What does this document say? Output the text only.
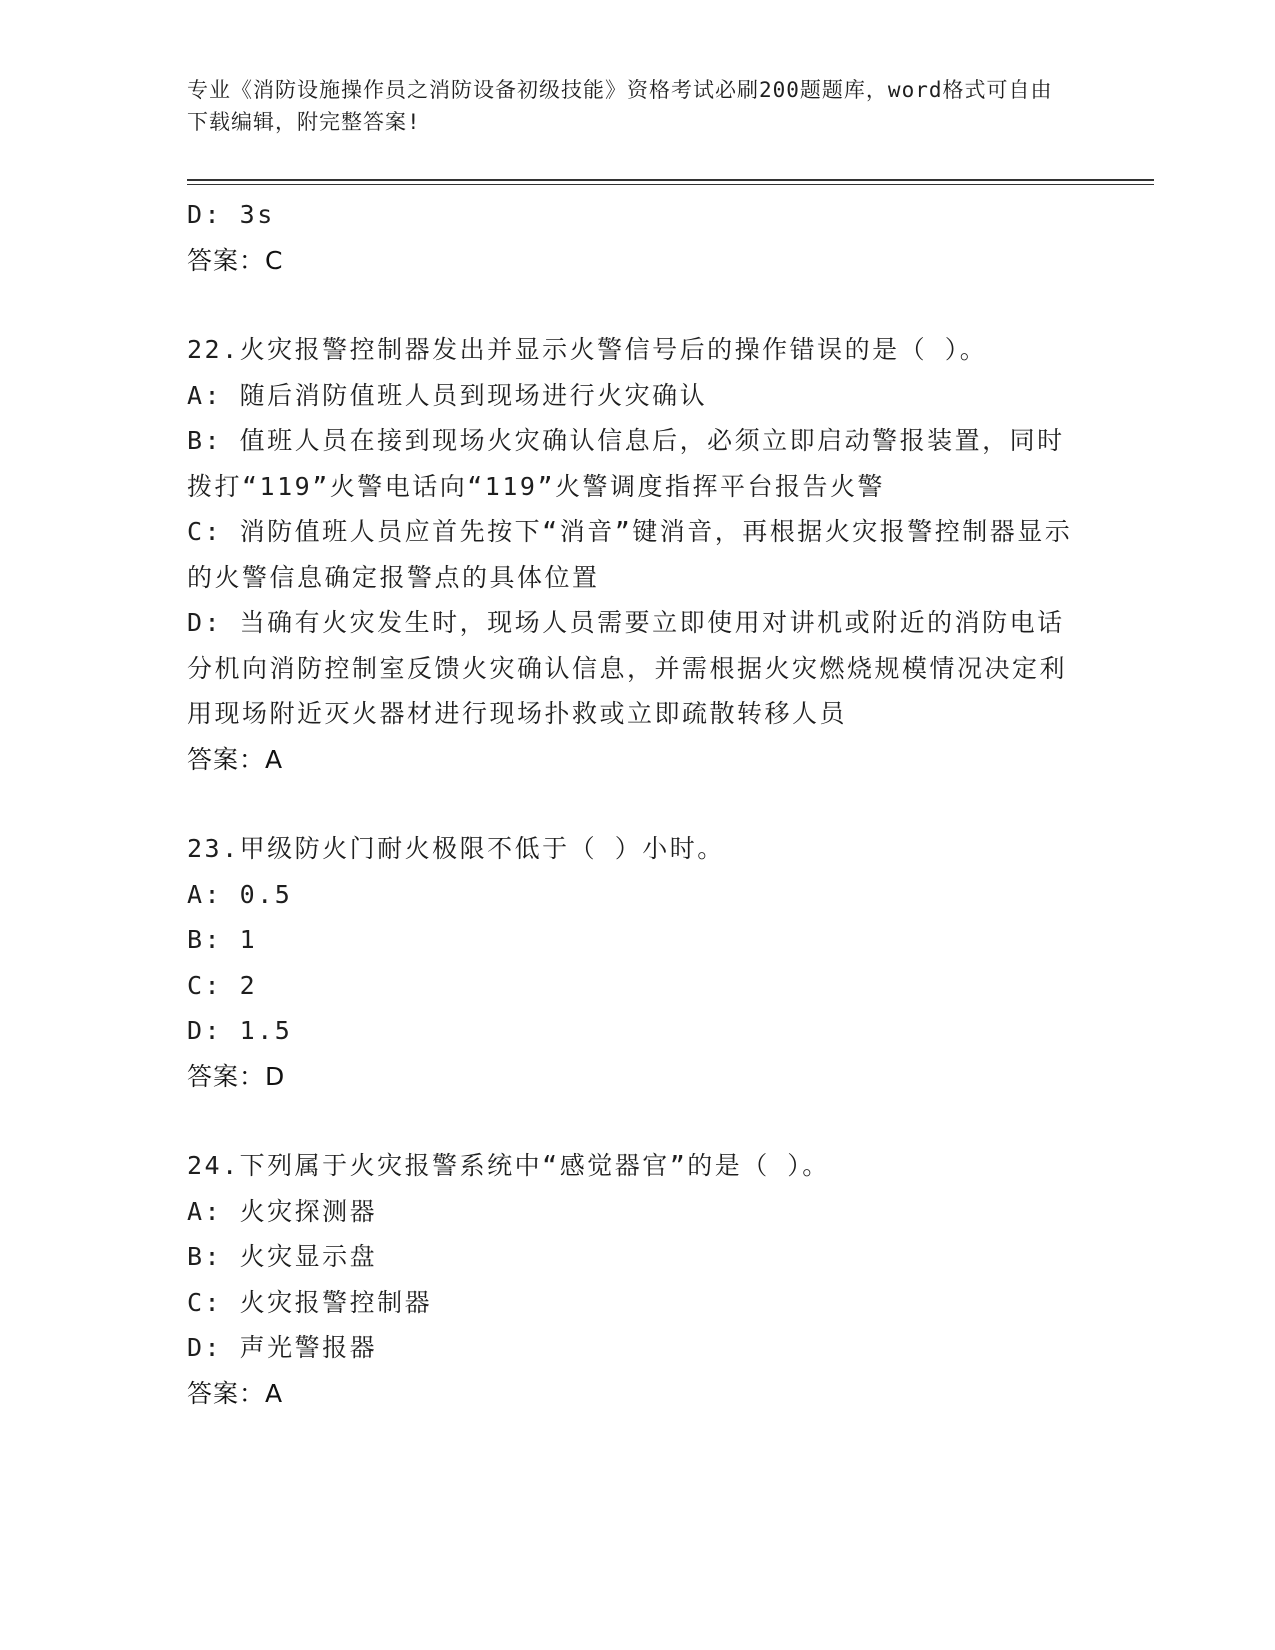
专业《消防设施操作员之消防设备初级技能》资格考试必刷200题题库，word格式可自由下载编辑，附完整答案!
D: 3s
答案：C
22.火灾报警控制器发出并显示火警信号后的操作错误的是（ ）。
A: 随后消防值班人员到现场进行火灾确认
B: 值班人员在接到现场火灾确认信息后，必须立即启动警报装置，同时拨打“119”火警电话向“119”火警调度指挥平台报告火警
C: 消防值班人员应首先按下“消音”键消音，再根据火灾报警控制器显示的火警信息确定报警点的具体位置
D: 当确有火灾发生时，现场人员需要立即使用对讲机或附近的消防电话分机向消防控制室反馈火灾确认信息，并需根据火灾燃烧规模情况决定利用现场附近灭火器材进行现场扑救或立即疏散转移人员
答案：A
23.甲级防火门耐火极限不低于（ ）小时。
A: 0.5
B: 1
C: 2
D: 1.5
答案：D
24.下列属于火灾报警系统中“感觉器官”的是（ ）。
A: 火灾探测器
B: 火灾显示盘
C: 火灾报警控制器
D: 声光警报器
答案：A
